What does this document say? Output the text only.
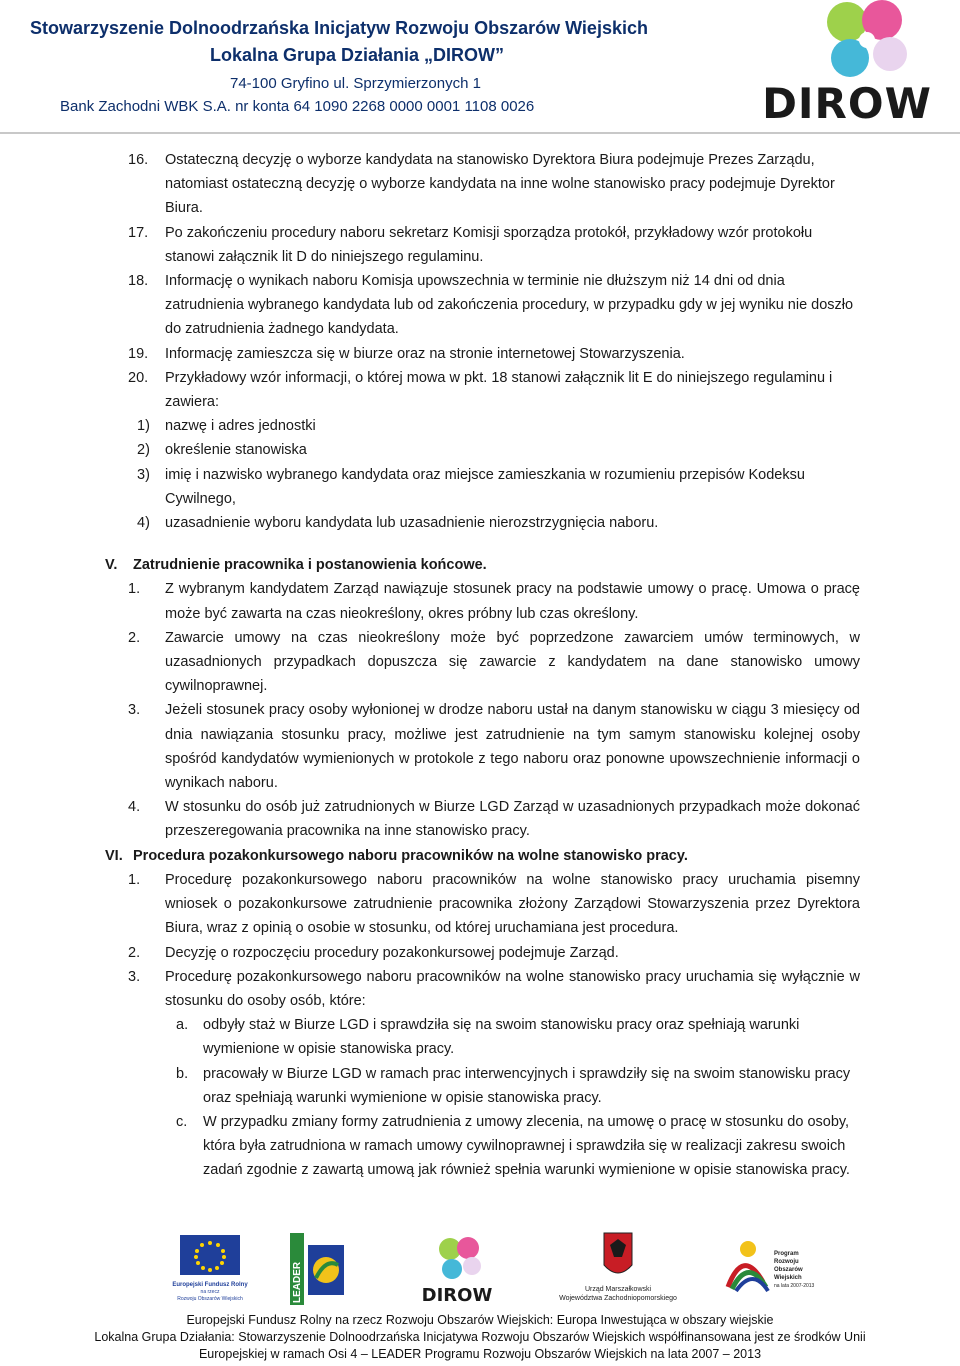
Stowarzyszenie Dolnoodrzańska Inicjatyw Rozwoju Obszarów Wiejskich
Lokalna Grupa Działania „DIROW”
74-100 Gryfino ul. Sprzymierzonych 1
Bank Zachodni WBK S.A. nr konta 64 1090 2268 0000 0001 1108 0026	DIROW
16. Ostateczną decyzję o wyborze kandydata na stanowisko Dyrektora Biura podejmuje Prezes Zarządu, natomiast ostateczną decyzję o wyborze kandydata na inne wolne stanowisko pracy podejmuje Dyrektor Biura.
17. Po zakończeniu procedury naboru sekretarz Komisji sporządza protokół, przykładowy wzór protokołu stanowi załącznik lit D do niniejszego regulaminu.
18. Informację o wynikach naboru Komisja upowszechnia w terminie nie dłuższym niż 14 dni od dnia zatrudnienia wybranego kandydata lub od zakończenia procedury, w przypadku gdy w jej wyniku nie doszło do zatrudnienia żadnego kandydata.
19. Informację zamieszcza się w biurze oraz na stronie internetowej Stowarzyszenia.
20. Przykładowy wzór informacji, o której mowa w pkt. 18 stanowi załącznik lit E do niniejszego regulaminu i zawiera:
1) nazwę i adres jednostki
2) określenie stanowiska
3) imię i nazwisko wybranego kandydata oraz miejsce zamieszkania w rozumieniu przepisów Kodeksu Cywilnego,
4) uzasadnienie wyboru kandydata lub uzasadnienie nierozstrzygnięcia naboru.
V. Zatrudnienie pracownika i postanowienia końcowe.
1. Z wybranym kandydatem Zarząd nawiązuje stosunek pracy na podstawie umowy o pracę. Umowa o pracę może być zawarta na czas nieokreślony, okres próbny lub czas określony.
2. Zawarcie umowy na czas nieokreślony może być poprzedzone zawarciem umów terminowych, w uzasadnionych przypadkach dopuszcza się zawarcie z kandydatem na dane stanowisko umowy cywilnoprawnej.
3. Jeżeli stosunek pracy osoby wyłonionej w drodze naboru ustał na danym stanowisku w ciągu 3 miesięcy od dnia nawiązania stosunku pracy, możliwe jest zatrudnienie na tym samym stanowisku kolejnej osoby spośród kandydatów wymienionych w protokole z tego naboru oraz ponowne upowszechnienie informacji o wynikach naboru.
4. W stosunku do osób już zatrudnionych w Biurze LGD Zarząd w uzasadnionych przypadkach może dokonać przeszeregowania pracownika na inne stanowisko pracy.
VI. Procedura pozakonkursowego naboru pracowników na wolne stanowisko pracy.
1. Procedurę pozakonkursowego naboru pracowników na wolne stanowisko pracy uruchamia pisemny wniosek o pozakonkursowe zatrudnienie pracownika złożony Zarządowi Stowarzyszenia przez Dyrektora Biura, wraz z opinią o osobie w stosunku, od której uruchamiana jest procedura.
2. Decyzję o rozpoczęciu procedury pozakonkursowej podejmuje Zarząd.
3. Procedurę pozakonkursowego naboru pracowników na wolne stanowisko pracy uruchamia się wyłącznie w stosunku do osoby osób, które:
a. odbyły staż w Biurze LGD i sprawdziła się na swoim stanowisku pracy oraz spełniają warunki wymienione w opisie stanowiska pracy.
b. pracowały w Biurze LGD w ramach prac interwencyjnych i sprawdziły się na swoim stanowisku pracy oraz spełniają warunki wymienione w opisie stanowiska pracy.
c. W przypadku zmiany formy zatrudnienia z umowy zlecenia, na umowę o pracę w stosunku do osoby, która była zatrudniona w ramach umowy cywilnoprawnej i sprawdziła się w realizacji zakresu swoich zadań zgodnie z zawartą umową jak również spełnia warunki wymienione w opisie stanowiska pracy.
Europejski Fundusz Rolny
na rzecz
Rozwoju Obszarów Wiejskich	LEADER	DIROW	Urząd Marszałkowski
Województwa Zachodniopomorskiego
Program
Rozwoju
Obszarów
Wiejskich
na lata 2007-2013
Europejski Fundusz Rolny na rzecz Rozwoju Obszarów Wiejskich: Europa Inwestująca w obszary wiejskie
Lokalna Grupa Działania: Stowarzyszenie Dolnoodrzańska Inicjatywa Rozwoju Obszarów Wiejskich współfinansowana jest ze środków Unii
Europejskiej w ramach Osi 4 – LEADER Programu Rozwoju Obszarów Wiejskich na lata 2007 – 2013
